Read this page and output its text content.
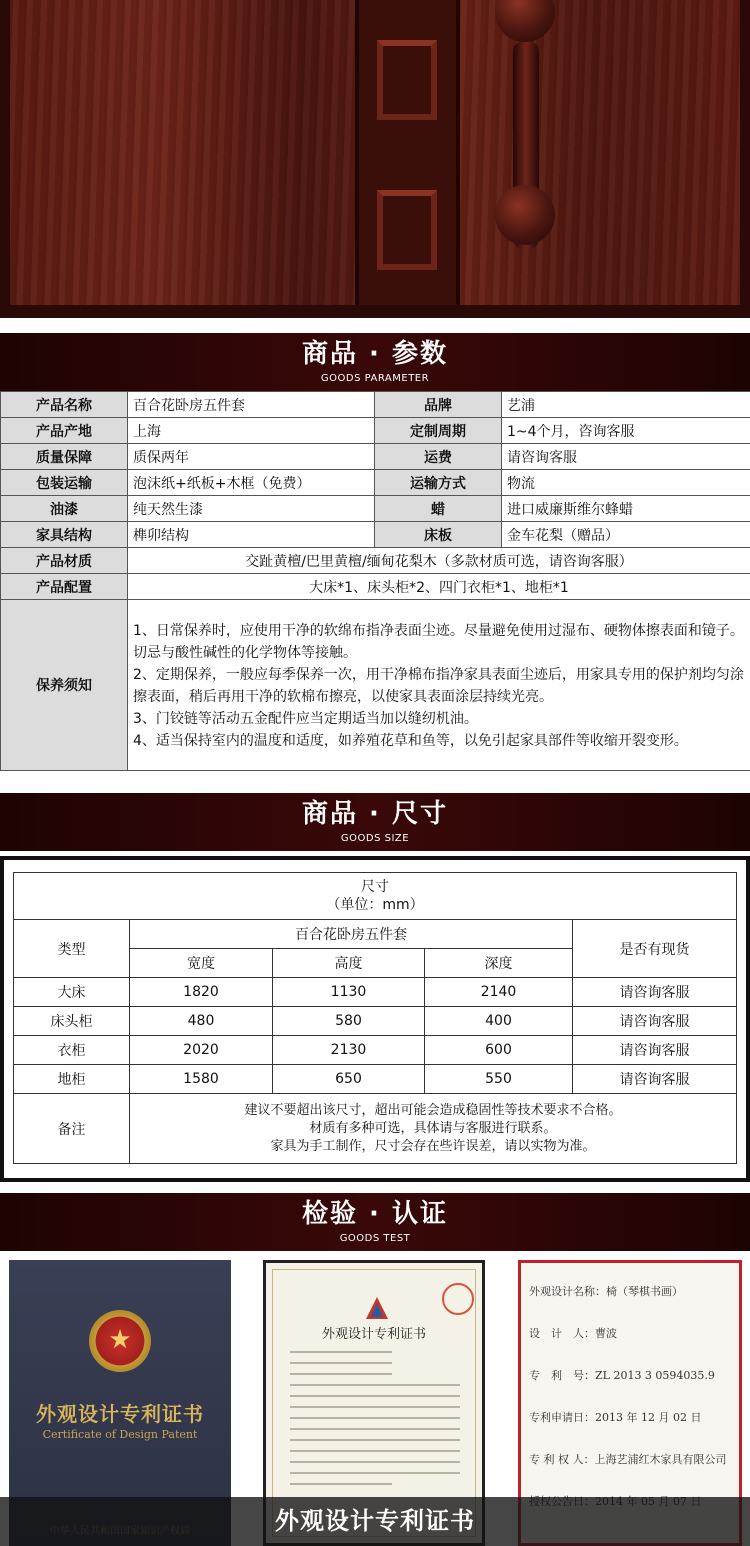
商品 · 参数
GOODS PARAMETER
产品名称	百合花卧房五件套	品牌	艺浦
产品产地	上海	定制周期	1~4个月，咨询客服
质量保障	质保两年	运费	请咨询客服
包装运输	泡沫纸+纸板+木框（免费）	运输方式	物流
油漆	纯天然生漆	蜡	进口威廉斯维尔蜂蜡
家具结构	榫卯结构	床板	金车花梨（赠品）
产品材质	交趾黄檀/巴里黄檀/缅甸花梨木（多款材质可选，请咨询客服）		
产品配置	大床*1、床头柜*2、四门衣柜*1、地柜*1		
保养须知	1、日常保养时，应使用干净的软绵布指净表面尘迹。尽量避免使用过湿布、硬物体擦表面和镜子。切忌与酸性碱性的化学物体等接触。
2、定期保养，一般应每季保养一次，用干净棉布指净家具表面尘迹后，用家具专用的保护剂均匀涂擦表面，稍后再用干净的软棉布擦亮，以使家具表面涂层持续光亮。
3、门铰链等活动五金配件应当定期适当加以缝纫机油。
4、适当保持室内的温度和适度，如养殖花草和鱼等，以免引起家具部件等收缩开裂变形。		
商品 · 尺寸
GOODS SIZE
尺寸
（单位：mm）				

类型	百合花卧房五件套			是否有现货
	宽度	高度	深度	
大床	1820	1130	2140	请咨询客服
床头柜	480	580	400	请咨询客服
衣柜	2020	2130	600	请咨询客服
地柜	1580	650	550	请咨询客服
备注	建议不要超出该尺寸，超出可能会造成稳固性等技术要求不合格。
材质有多种可选，具体请与客服进行联系。
家具为手工制作，尺寸会存在些许误差，请以实物为准。			
检验 · 认证
GOODS TEST
★
外观设计专利证书
Certificate of Design Patent
外观设计专利证书
外观设计名称：椅（琴棋书画）
设　计　人：曹波
专　利　号：ZL 2013 3 0594035.9
专利申请日：2013 年 12 月 02 日
专 利 权 人：上海艺浦红木家具有限公司
外观设计专利证书
